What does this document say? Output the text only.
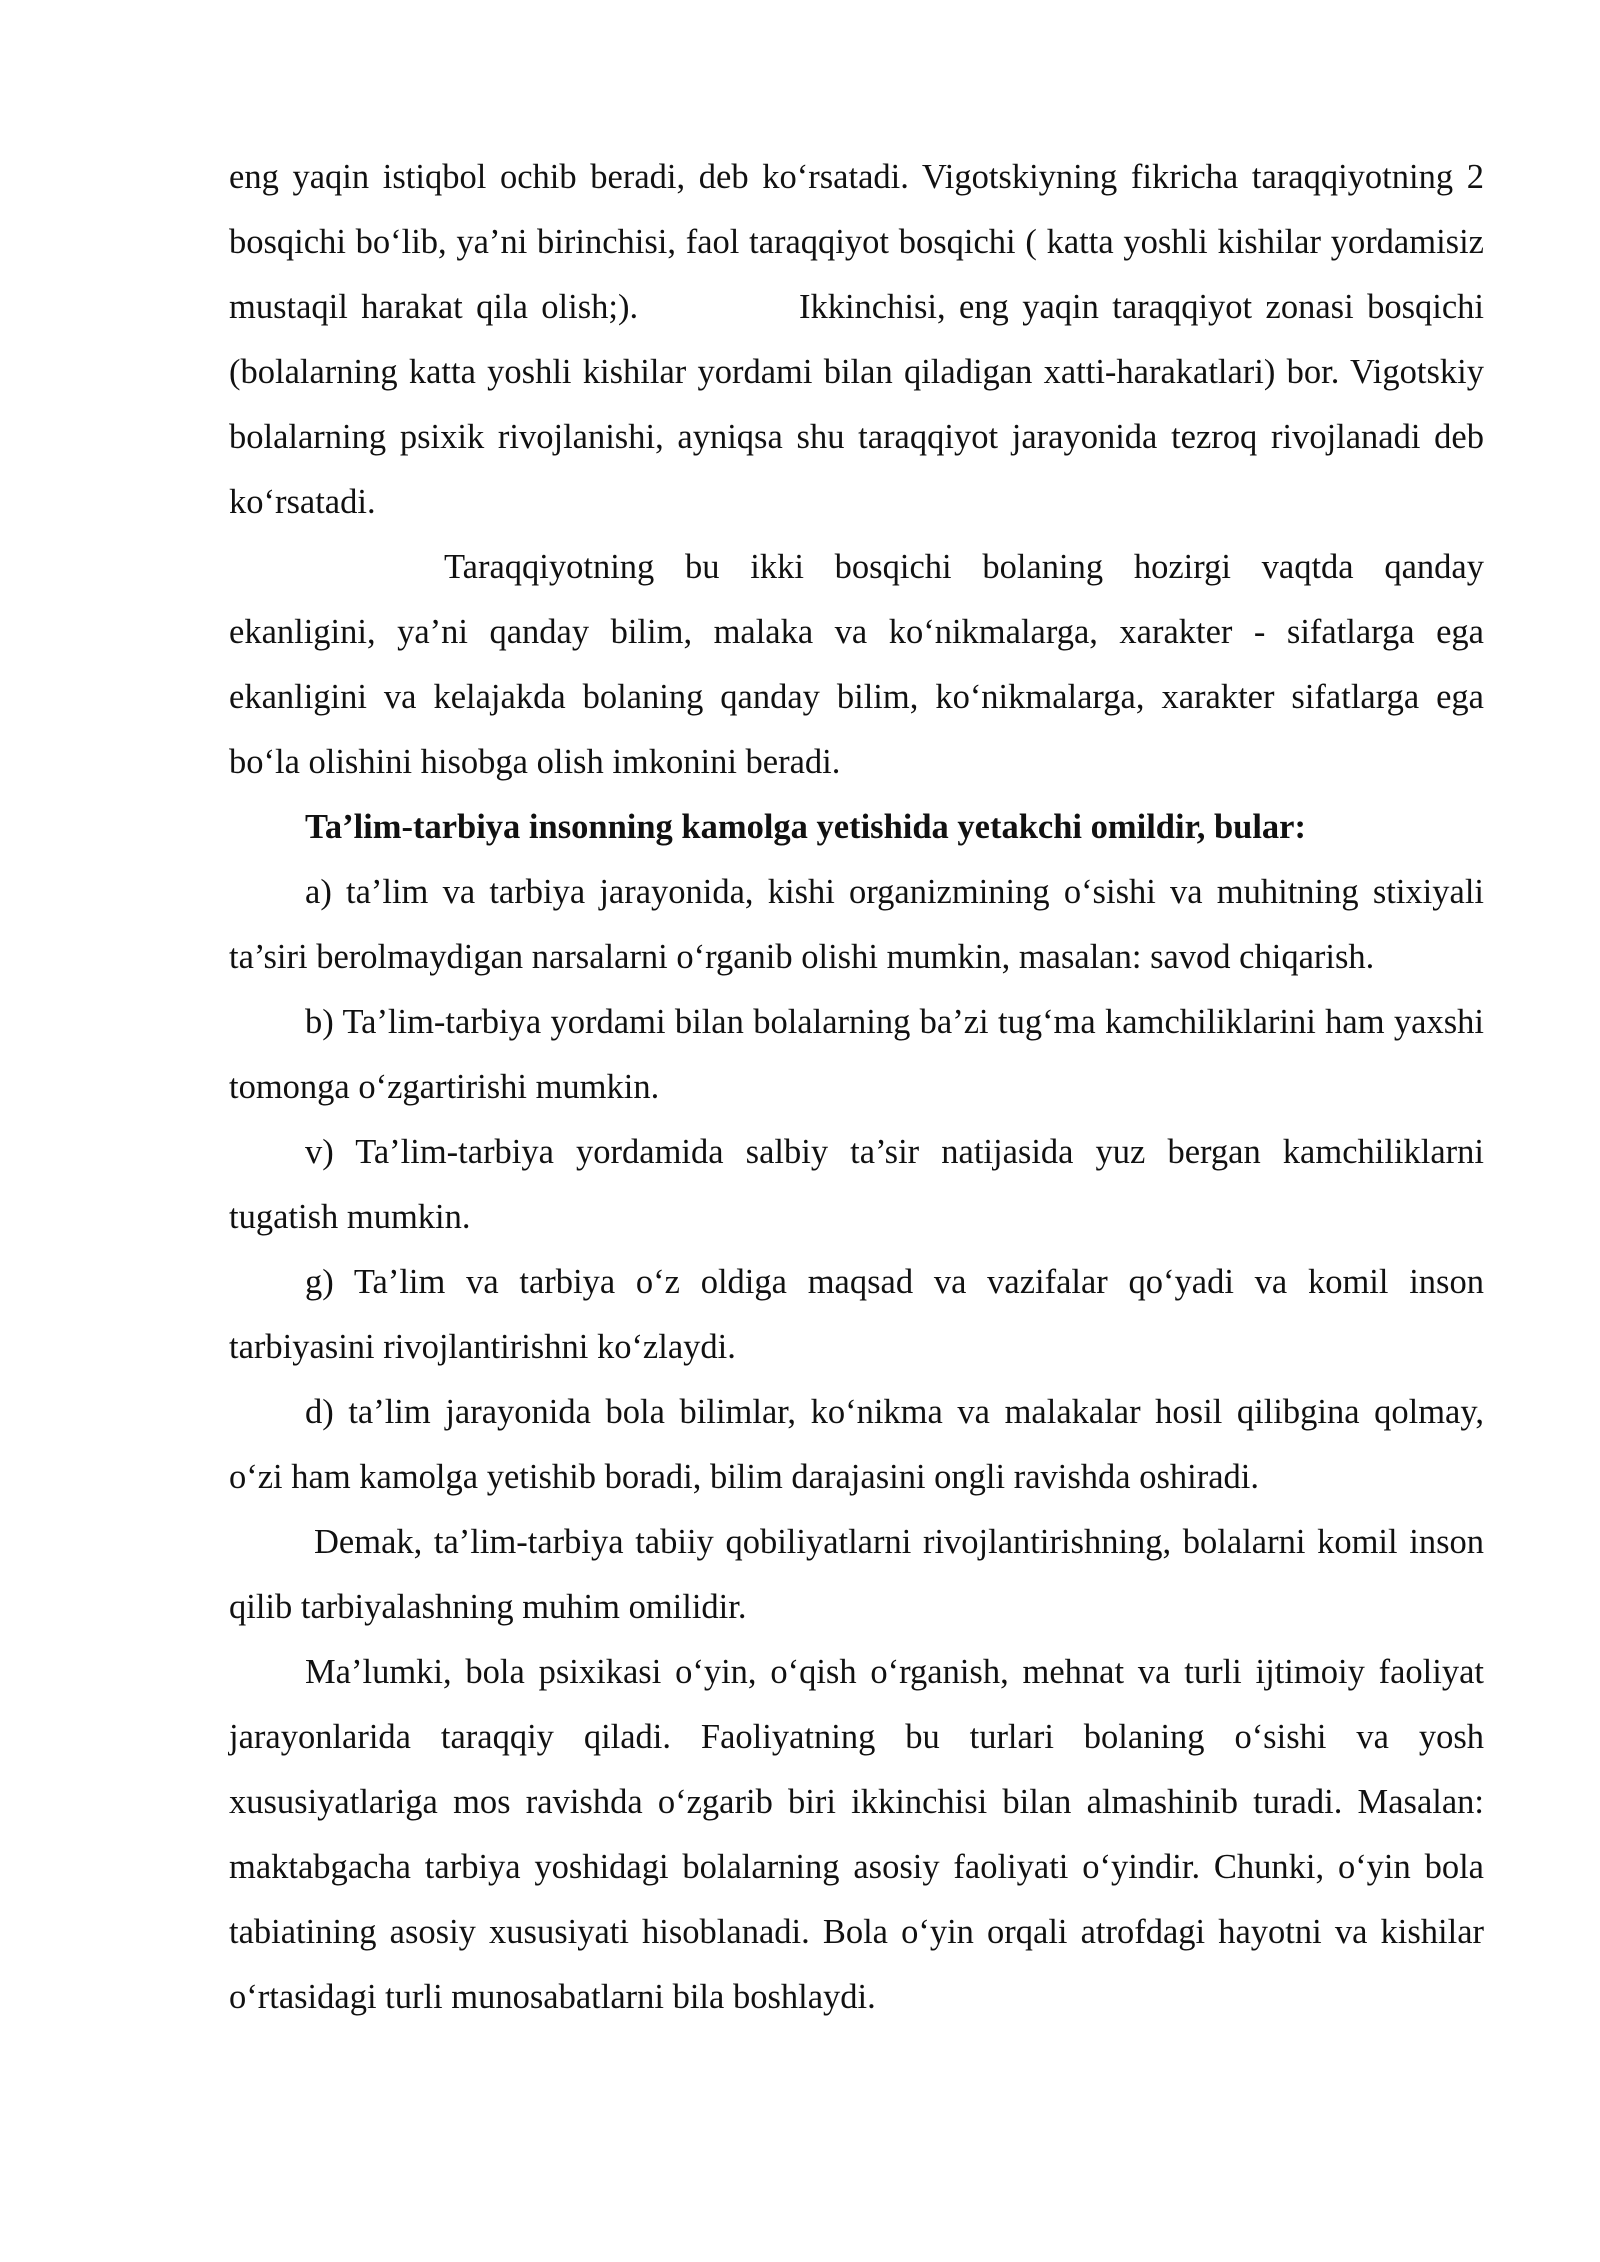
eng yaqin istiqbol ochib beradi, deb ko‘rsatadi. Vigotskiyning fikricha taraqqiyotning 2 bosqichi bo‘lib, ya’ni birinchisi, faol taraqqiyot bosqichi ( katta yoshli kishilar yordamisiz mustaqil harakat qila olish;).            Ikkinchisi, eng yaqin taraqqiyot zonasi bosqichi (bolalarning katta yoshli kishilar yordami bilan qiladigan xatti-harakatlari) bor. Vigotskiy bolalarning psixik rivojlanishi, ayniqsa shu taraqqiyot jarayonida tezroq rivojlanadi deb ko‘rsatadi.

Taraqqiyotning bu ikki bosqichi bolaning hozirgi vaqtda qanday ekanligini, ya’ni qanday bilim, malaka va ko‘nikmalarga, xarakter - sifatlarga ega ekanligini va kelajakda bolaning qanday bilim, ko‘nikmalarga, xarakter sifatlarga ega bo‘la olishini hisobga olish imkonini beradi.

Ta’lim-tarbiya insonning kamolga yetishida yetakchi omildir, bular:

a) ta’lim va tarbiya jarayonida, kishi organizmining o‘sishi va muhitning stixiyali ta’siri berolmaydigan narsalarni o‘rganib olishi mumkin, masalan: savod chiqarish.

b) Ta’lim-tarbiya yordami bilan bolalarning ba’zi tug‘ma kamchiliklarini ham yaxshi tomonga o‘zgartirishi mumkin.

v) Ta’lim-tarbiya yordamida salbiy ta’sir natijasida yuz bergan kamchiliklarni tugatish mumkin.

g) Ta’lim va tarbiya o‘z oldiga maqsad va vazifalar qo‘yadi va komil inson tarbiyasini rivojlantirishni ko‘zlaydi.

d) ta’lim jarayonida bola bilimlar, ko‘nikma va malakalar hosil qilibgina qolmay, o‘zi ham kamolga yetishib boradi, bilim darajasini ongli ravishda oshiradi.

Demak, ta’lim-tarbiya tabiiy qobiliyatlarni rivojlantirishning, bolalarni komil inson qilib tarbiyalashning muhim omilidir.

Ma’lumki, bola psixikasi o‘yin, o‘qish o‘rganish, mehnat va turli ijtimoiy faoliyat jarayonlarida taraqqiy qiladi. Faoliyatning bu turlari bolaning o‘sishi va yosh xususiyatlariga mos ravishda o‘zgarib biri ikkinchisi bilan almashinib turadi. Masalan: maktabgacha tarbiya yoshidagi bolalarning asosiy faoliyati o‘yindir. Chunki, o‘yin bola tabiatining asosiy xususiyati hisoblanadi. Bola o‘yin orqali atrofdagi hayotni va kishilar o‘rtasidagi turli munosabatlarni bila boshlaydi.
